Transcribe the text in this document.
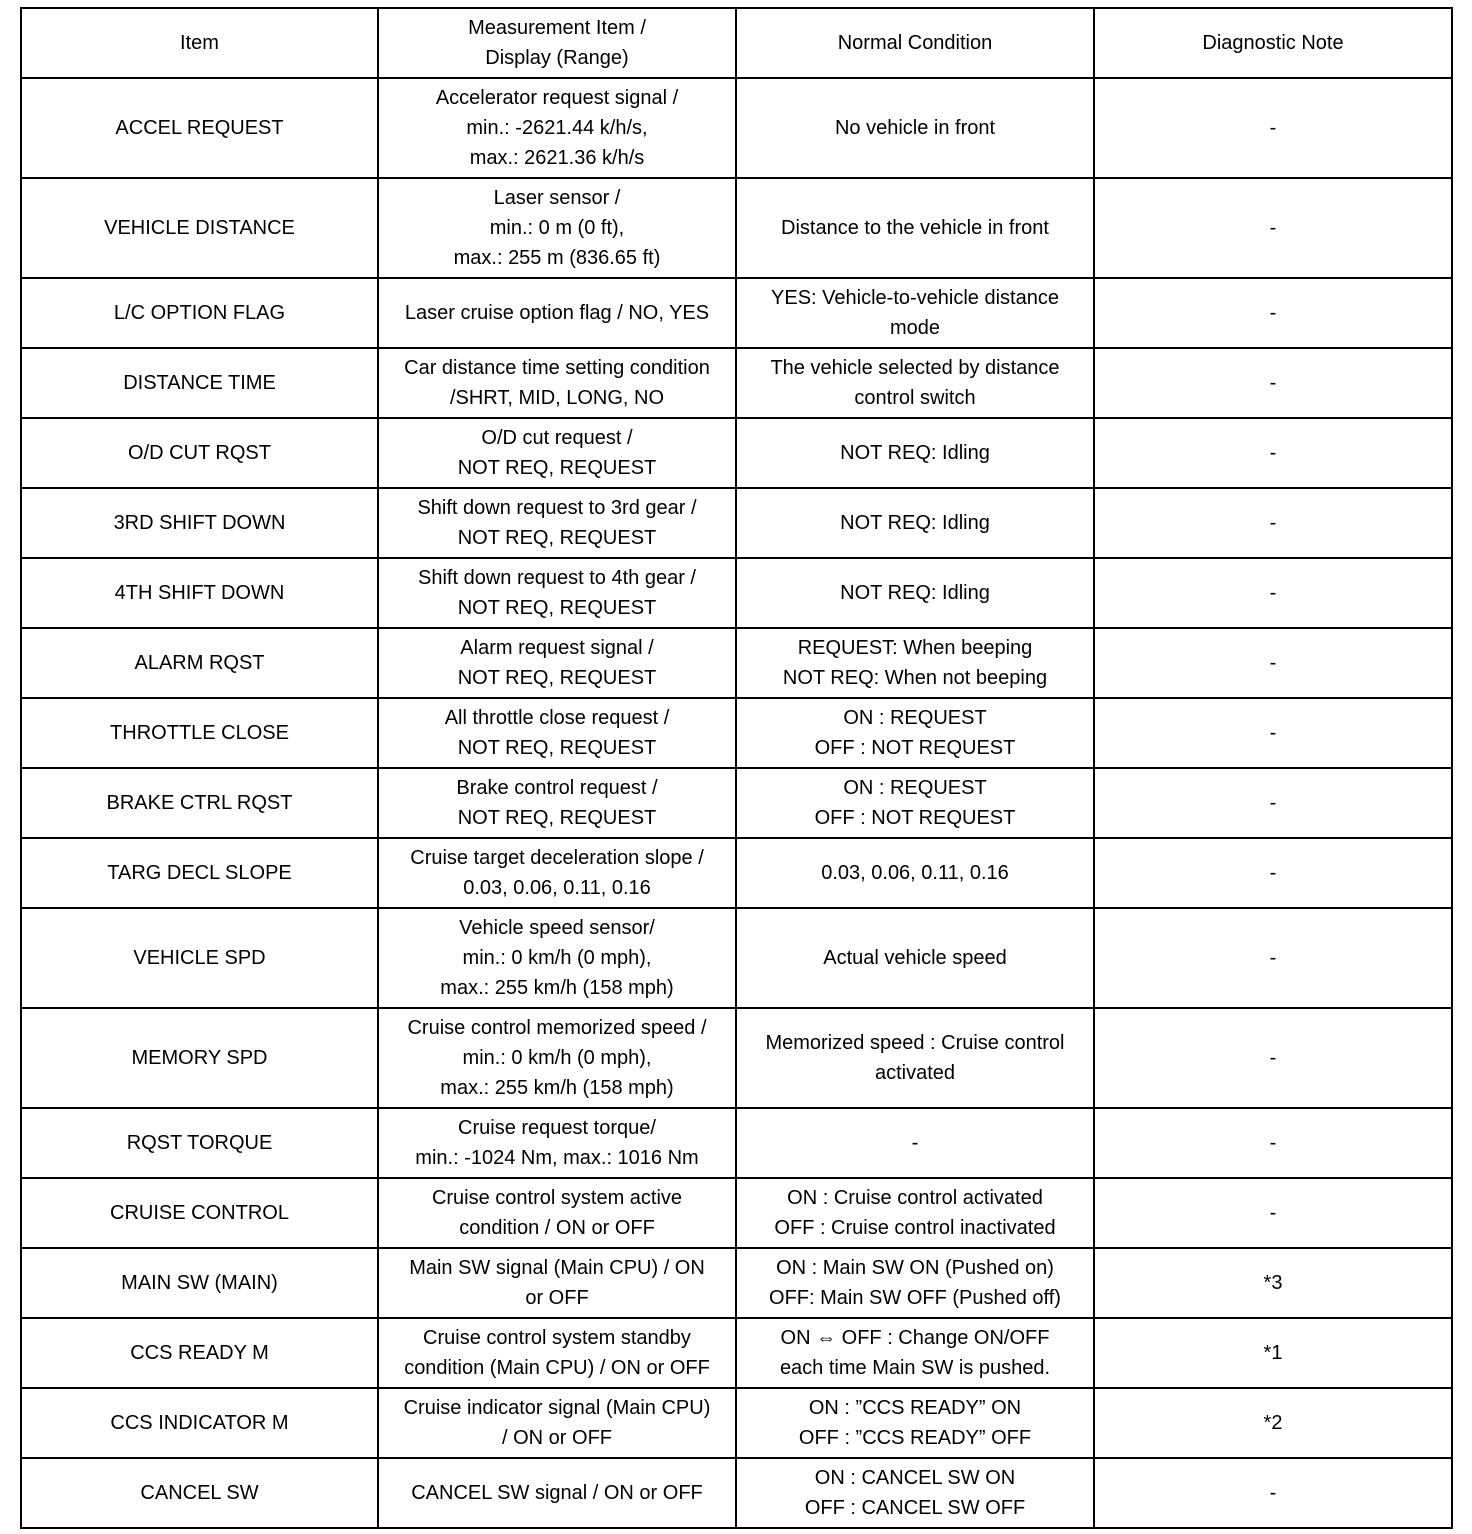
Item	Measurement Item /
Display (Range)	Normal Condition	Diagnostic Note
ACCEL REQUEST	Accelerator request signal /
min.: -2621.44 k/h/s,
max.: 2621.36 k/h/s	No vehicle in front	-
VEHICLE DISTANCE	Laser sensor /
min.: 0 m (0 ft),
max.: 255 m (836.65 ft)	Distance to the vehicle in front	-
L/C OPTION FLAG	Laser cruise option flag / NO, YES	YES: Vehicle-to-vehicle distance
mode	-
DISTANCE TIME	Car distance time setting condition
/SHRT, MID, LONG, NO	The vehicle selected by distance
control switch	-
O/D CUT RQST	O/D cut request /
NOT REQ, REQUEST	NOT REQ: Idling	-
3RD SHIFT DOWN	Shift down request to 3rd gear /
NOT REQ, REQUEST	NOT REQ: Idling	-
4TH SHIFT DOWN	Shift down request to 4th gear /
NOT REQ, REQUEST	NOT REQ: Idling	-
ALARM RQST	Alarm request signal /
NOT REQ, REQUEST	REQUEST: When beeping
NOT REQ: When not beeping	-
THROTTLE CLOSE	All throttle close request /
NOT REQ, REQUEST	ON : REQUEST
OFF : NOT REQUEST	-
BRAKE CTRL RQST	Brake control request /
NOT REQ, REQUEST	ON : REQUEST
OFF : NOT REQUEST	-
TARG DECL SLOPE	Cruise target deceleration slope /
0.03, 0.06, 0.11, 0.16	0.03, 0.06, 0.11, 0.16	-
VEHICLE SPD	Vehicle speed sensor/
min.: 0 km/h (0 mph),
max.: 255 km/h (158 mph)	Actual vehicle speed	-
MEMORY SPD	Cruise control memorized speed /
min.: 0 km/h (0 mph),
max.: 255 km/h (158 mph)	Memorized speed : Cruise control
activated	-
RQST TORQUE	Cruise request torque/
min.: -1024 Nm, max.: 1016 Nm	-	-
CRUISE CONTROL	Cruise control system active
condition / ON or OFF	ON : Cruise control activated
OFF : Cruise control inactivated	-
MAIN SW (MAIN)	Main SW signal (Main CPU) / ON
or OFF	ON : Main SW ON (Pushed on)
OFF: Main SW OFF (Pushed off)	*3
CCS READY M	Cruise control system standby
condition (Main CPU) / ON or OFF	ON ⇔ OFF : Change ON/OFF
each time Main SW is pushed.	*1
CCS INDICATOR M	Cruise indicator signal (Main CPU)
/ ON or OFF	ON : ”CCS READY” ON
OFF : ”CCS READY” OFF	*2
CANCEL SW	CANCEL SW signal / ON or OFF	ON : CANCEL SW ON
OFF : CANCEL SW OFF	-
